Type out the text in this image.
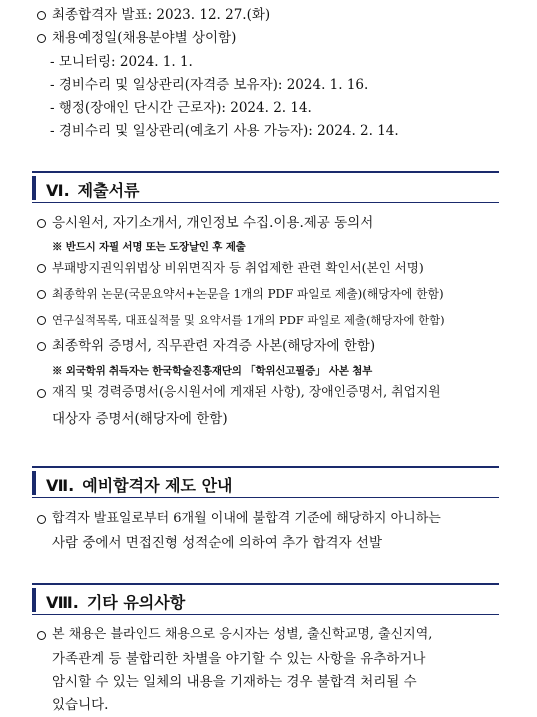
최종합격자 발표: 2023. 12. 27.(화)
채용예정일(채용분야별 상이함)
- 모니터링: 2024. 1. 1.
- 경비수리 및 일상관리(자격증 보유자): 2024. 1. 16.
- 행정(장애인 단시간 근로자): 2024. 2. 14.
- 경비수리 및 일상관리(예초기 사용 가능자): 2024. 2. 14.
Ⅵ. 제출서류
응시원서, 자기소개서, 개인정보 수집.이용.제공 동의서
※ 반드시 자필 서명 또는 도장날인 후 제출
부패방지권익위법상 비위면직자 등 취업제한 관련 확인서(본인 서명)
최종학위 논문(국문요약서+논문을 1개의 PDF 파일로 제출)(해당자에 한함)
연구실적목록, 대표실적물 및 요약서를 1개의 PDF 파일로 제출(해당자에 한함)
최종학위 증명서, 직무관련 자격증 사본(해당자에 한함)
※ 외국학위 취득자는 한국학술진흥재단의 「학위신고필증」 사본 첨부
재직 및 경력증명서(응시원서에 게재된 사항), 장애인증명서, 취업지원
대상자 증명서(해당자에 한함)
Ⅶ. 예비합격자 제도 안내
합격자 발표일로부터 6개월 이내에 불합격 기준에 해당하지 아니하는
사람 중에서 면접진형 성적순에 의하여 추가 합격자 선발
Ⅷ. 기타 유의사항
본 채용은 블라인드 채용으로 응시자는 성별, 출신학교명, 출신지역,
가족관계 등 불합리한 차별을 야기할 수 있는 사항을 유추하거나
암시할 수 있는 일체의 내용을 기재하는 경우 불합격 처리될 수
있습니다.
